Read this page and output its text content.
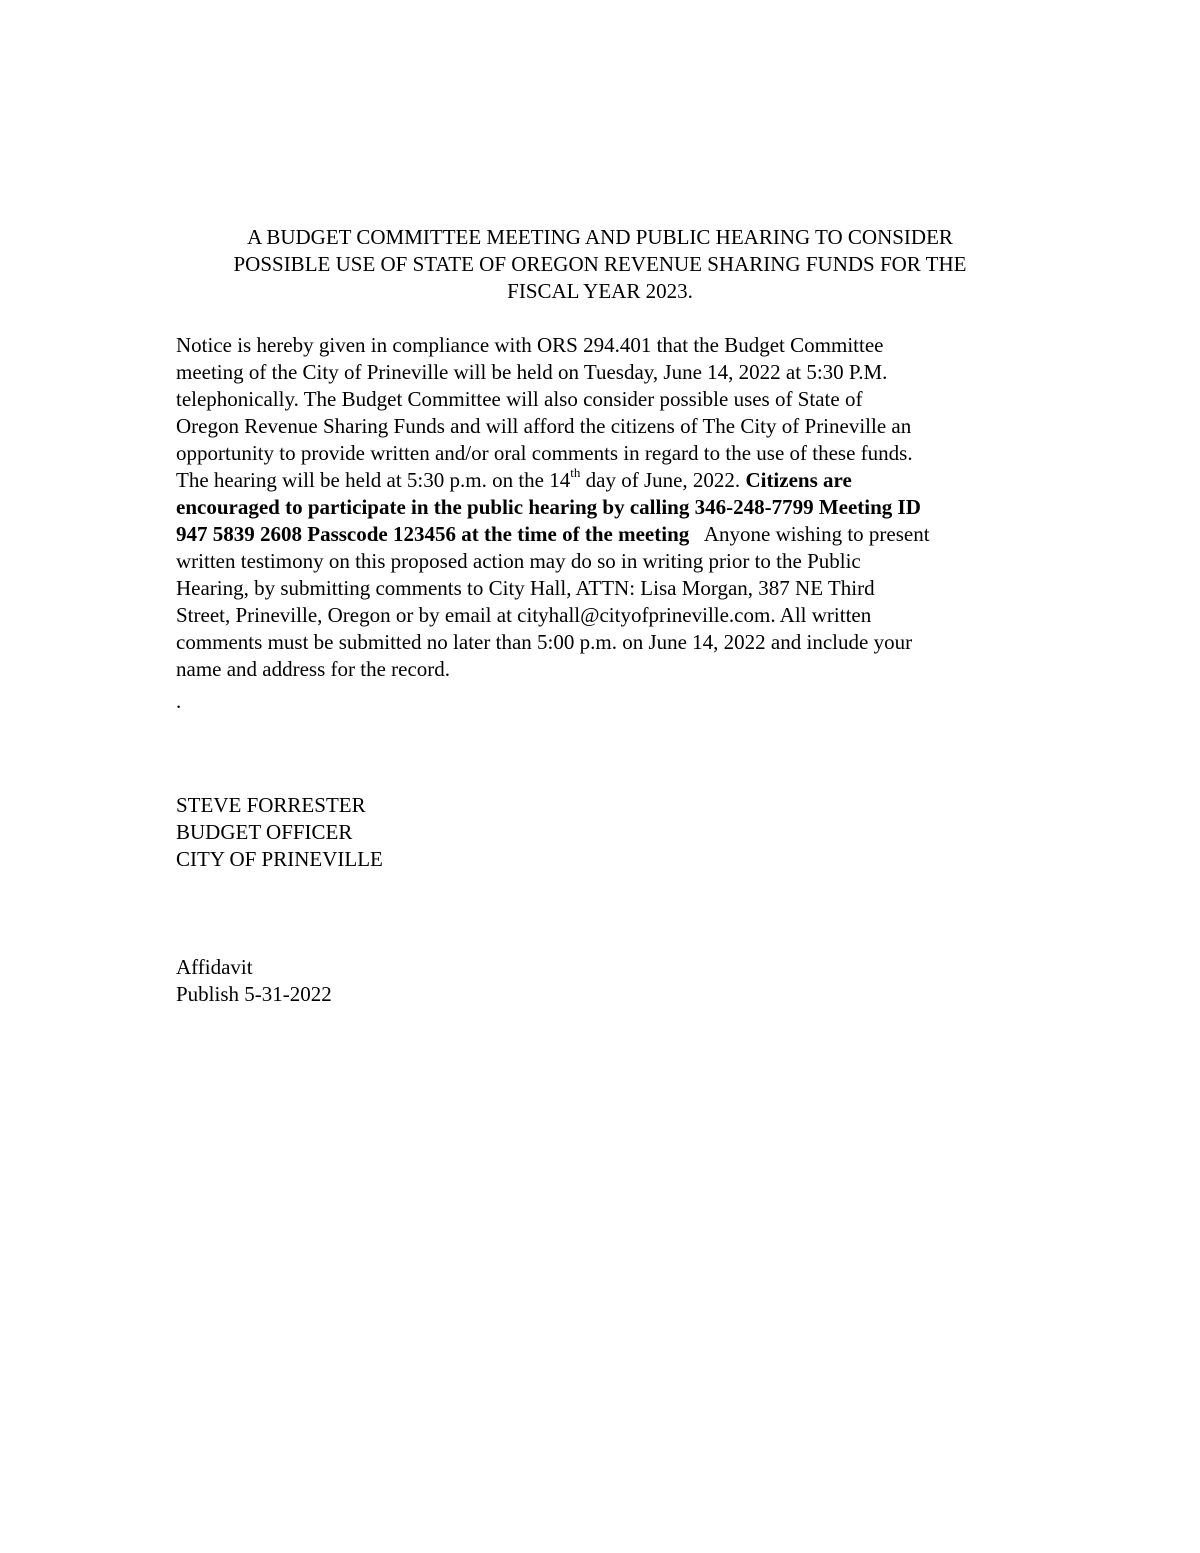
A BUDGET COMMITTEE MEETING AND PUBLIC HEARING TO CONSIDER
POSSIBLE USE OF STATE OF OREGON REVENUE SHARING FUNDS FOR THE
FISCAL YEAR 2023.
Notice is hereby given in compliance with ORS 294.401 that the Budget Committee
meeting of the City of Prineville will be held on Tuesday, June 14, 2022 at 5:30 P.M.
telephonically. The Budget Committee will also consider possible uses of State of
Oregon Revenue Sharing Funds and will afford the citizens of The City of Prineville an
opportunity to provide written and/or oral comments in regard to the use of these funds.
The hearing will be held at 5:30 p.m. on the 14th day of June, 2022. Citizens are
encouraged to participate in the public hearing by calling 346-248-7799 Meeting ID
947 5839 2608 Passcode 123456 at the time of the meeting   Anyone wishing to present
written testimony on this proposed action may do so in writing prior to the Public
Hearing, by submitting comments to City Hall, ATTN: Lisa Morgan, 387 NE Third
Street, Prineville, Oregon or by email at cityhall@cityofprineville.com. All written
comments must be submitted no later than 5:00 p.m. on June 14, 2022 and include your
name and address for the record.
.
STEVE FORRESTER
BUDGET OFFICER
CITY OF PRINEVILLE
Affidavit
Publish 5-31-2022
